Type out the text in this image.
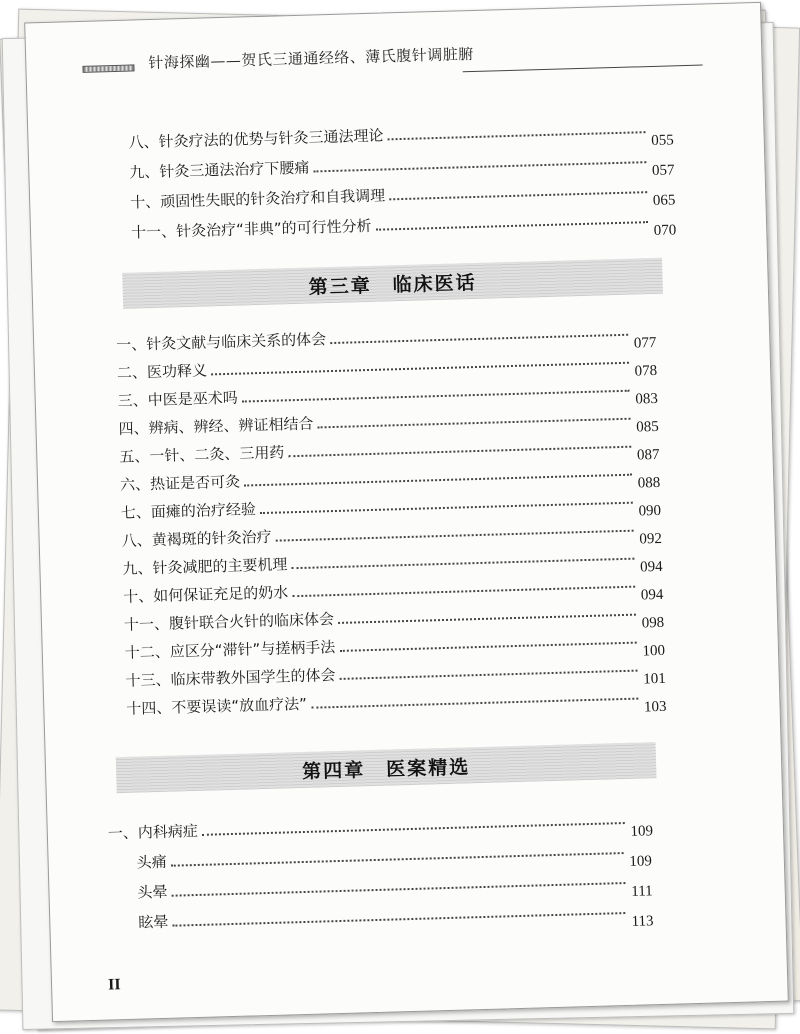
针海探幽——贺氏三通通经络、薄氏腹针调脏腑
八、针灸疗法的优势与针灸三通法理论	055
九、针灸三通法治疗下腰痛	057
十、顽固性失眠的针灸治疗和自我调理	065
十一、针灸治疗“非典”的可行性分析	070
第三章　临床医话
一、针灸文献与临床关系的体会	077
二、医功释义	078
三、中医是巫术吗	083
四、辨病、辨经、辨证相结合	085
五、一针、二灸、三用药	087
六、热证是否可灸	088
七、面瘫的治疗经验	090
八、黄褐斑的针灸治疗	092
九、针灸减肥的主要机理	094
十、如何保证充足的奶水	094
十一、腹针联合火针的临床体会	098
十二、应区分“滞针”与搓柄手法	100
十三、临床带教外国学生的体会	101
十四、不要误读“放血疗法”	103
第四章　医案精选
一、内科病症	109
头痛	109
头晕	111
眩晕	113
II
